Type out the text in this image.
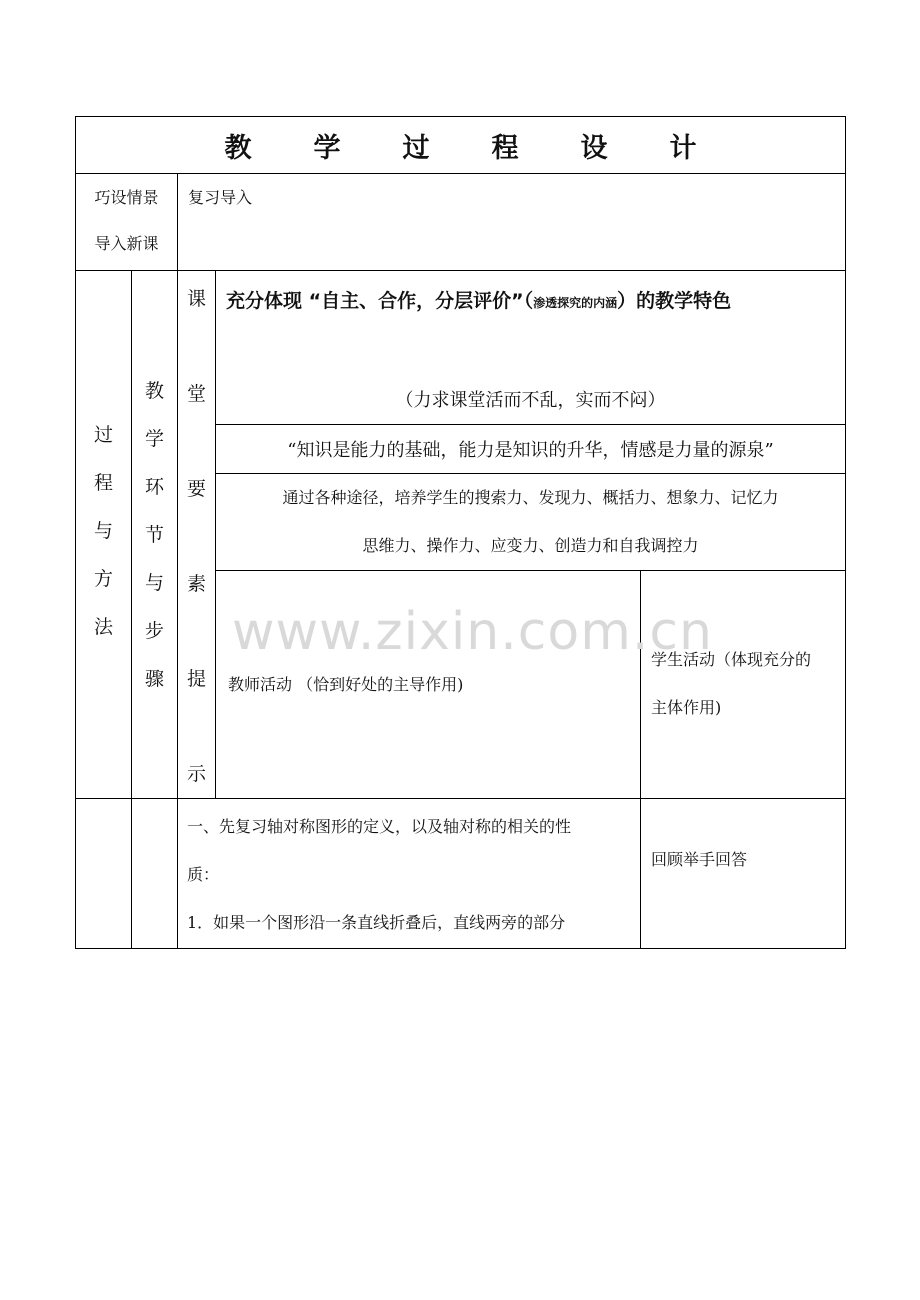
教 学 过 程 设 计
巧设情景
导入新课
复习导入
过
程
与
方
法
教
学
环
节
与
步
骤
课
堂
要
素
提
示
充分体现 “自主、合作，分层评价”（渗透探究的内涵）的教学特色
（力求课堂活而不乱，实而不闷）
“知识是能力的基础，能力是知识的升华，情感是力量的源泉”
通过各种途径，培养学生的搜索力、发现力、概括力、想象力、记忆力
思维力、操作力、应变力、创造力和自我调控力
www.zixin.com.cn
教师活动 （恰到好处的主导作用)
学生活动（体现充分的
主体作用)
一、先复习轴对称图形的定义，以及轴对称的相关的性
质：
1．如果一个图形沿一条直线折叠后，直线两旁的部分
回顾举手回答
